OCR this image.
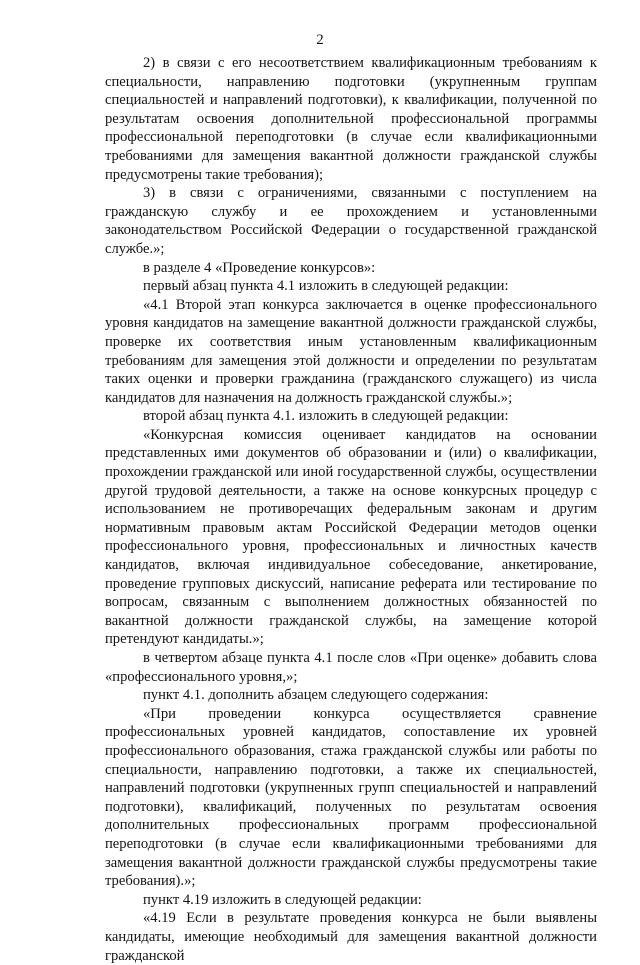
2

2) в связи с его несоответствием квалификационным требованиям к специальности, направлению подготовки (укрупненным группам специальностей и направлений подготовки), к квалификации, полученной по результатам освоения дополнительной профессиональной программы профессиональной переподготовки (в случае если квалификационными требованиями для замещения вакантной должности гражданской службы предусмотрены такие требования);

3) в связи с ограничениями, связанными с поступлением на гражданскую службу и ее прохождением и установленными законодательством Российской Федерации о государственной гражданской службе.»;

в разделе 4 «Проведение конкурсов»:

первый абзац пункта 4.1 изложить в следующей редакции:

«4.1 Второй этап конкурса заключается в оценке профессионального уровня кандидатов на замещение вакантной должности гражданской службы, проверке их соответствия иным установленным квалификационным требованиям для замещения этой должности и определении по результатам таких оценки и проверки гражданина (гражданского служащего) из числа кандидатов для назначения на должность гражданской службы.»;

второй абзац пункта 4.1. изложить в следующей редакции:

«Конкурсная комиссия оценивает кандидатов на основании представленных ими документов об образовании и (или) о квалификации, прохождении гражданской или иной государственной службы, осуществлении другой трудовой деятельности, а также на основе конкурсных процедур с использованием не противоречащих федеральным законам и другим нормативным правовым актам Российской Федерации методов оценки профессионального уровня, профессиональных и личностных качеств кандидатов, включая индивидуальное собеседование, анкетирование, проведение групповых дискуссий, написание реферата или тестирование по вопросам, связанным с выполнением должностных обязанностей по вакантной должности гражданской службы, на замещение которой претендуют кандидаты.»;

в четвертом абзаце пункта 4.1 после слов «При оценке» добавить слова «профессионального уровня,»;

пункт 4.1. дополнить абзацем следующего содержания:

«При проведении конкурса осуществляется сравнение профессиональных уровней кандидатов, сопоставление их уровней профессионального образования, стажа гражданской службы или работы по специальности, направлению подготовки, а также их специальностей, направлений подготовки (укрупненных групп специальностей и направлений подготовки), квалификаций, полученных по результатам освоения дополнительных профессиональных программ профессиональной переподготовки (в случае если квалификационными требованиями для замещения вакантной должности гражданской службы предусмотрены такие требования).»;

пункт 4.19 изложить в следующей редакции:

«4.19 Если в результате проведения конкурса не были выявлены кандидаты, имеющие необходимый для замещения вакантной должности гражданской
